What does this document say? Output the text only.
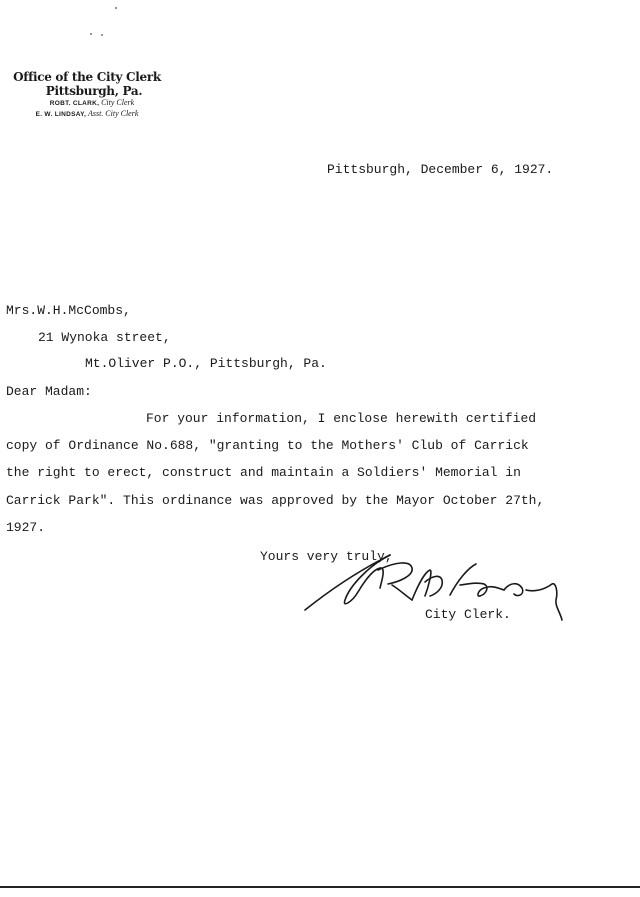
Office of the City Clerk
Pittsburgh, Pa.
ROBT. CLARK, City Clerk
E. W. LINDSAY, Asst. City Clerk
Pittsburgh, December 6, 1927.
Mrs.W.H.McCombs,
21 Wynoka street,
Mt.Oliver P.O., Pittsburgh, Pa.
Dear Madam:
For your information, I enclose herewith certified
copy of Ordinance No.688, "granting to the Mothers' Club of Carrick
the right to erect, construct and maintain a Soldiers' Memorial in
Carrick Park". This ordinance was approved by the Mayor October 27th,
1927.
Yours very truly,
City Clerk.
